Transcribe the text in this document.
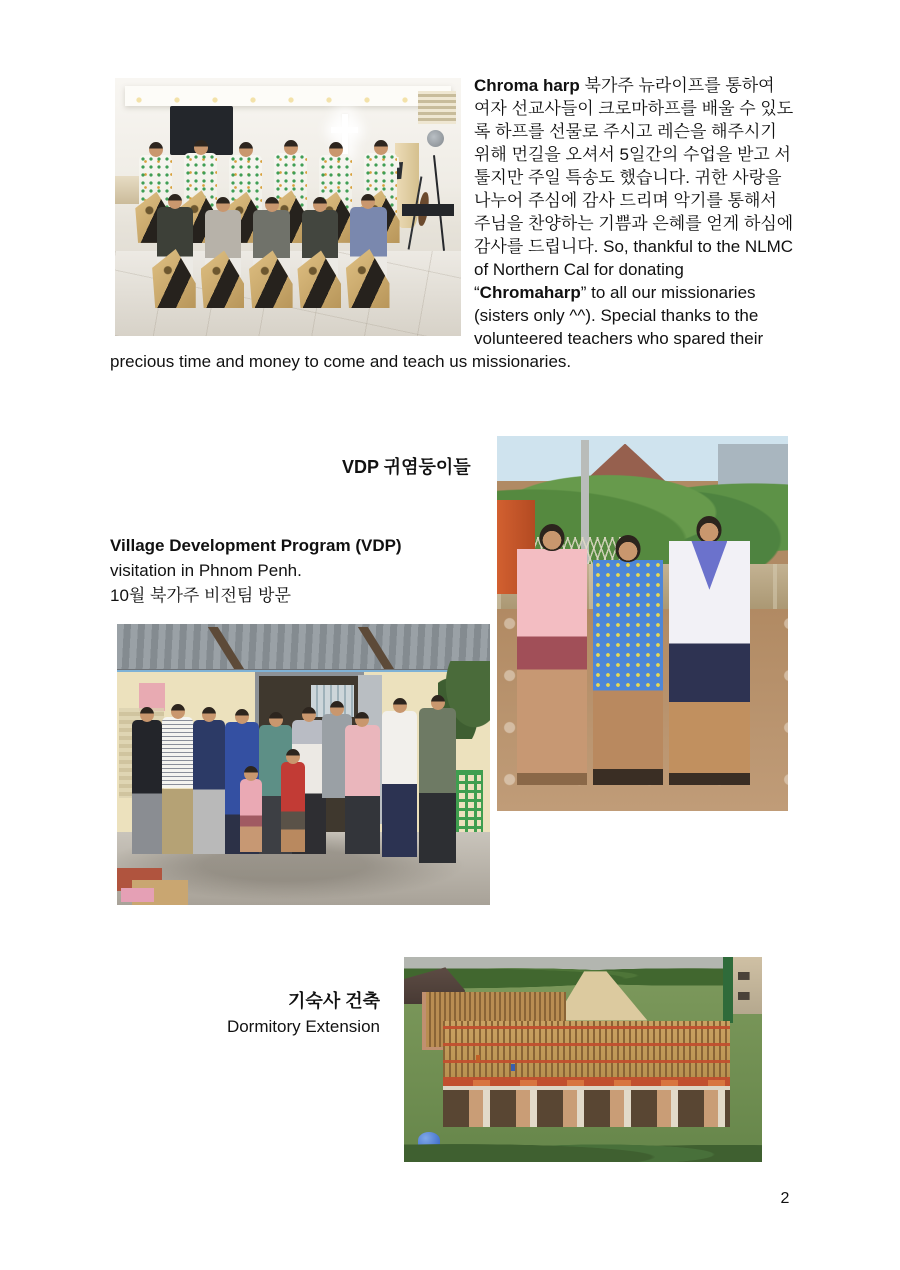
Chroma harp 북가주 뉴라이프를 통하여 여자 선교사들이 크로마하프를 배울 수 있도록 하프를 선물로 주시고 레슨을 해주시기 위해 먼길을 오셔서 5일간의 수업을 받고 서툴지만 주일 특송도 했습니다. 귀한 사랑을 나누어 주심에 감사 드리며 악기를 통해서 주님을 찬양하는 기쁨과 은혜를 얻게 하심에 감사를 드립니다. So, thankful to the NLMC of Northern Cal for donating “Chromaharp” to all our missionaries (sisters only ^^). Special thanks to the volunteered teachers who spared their precious time and money to come and teach us missionaries.

VDP 귀염둥이들
Village Development Program (VDP)
visitation in Phnom Penh.
10월 북가주 비전팀 방문
기숙사 건축
Dormitory Extension
2
